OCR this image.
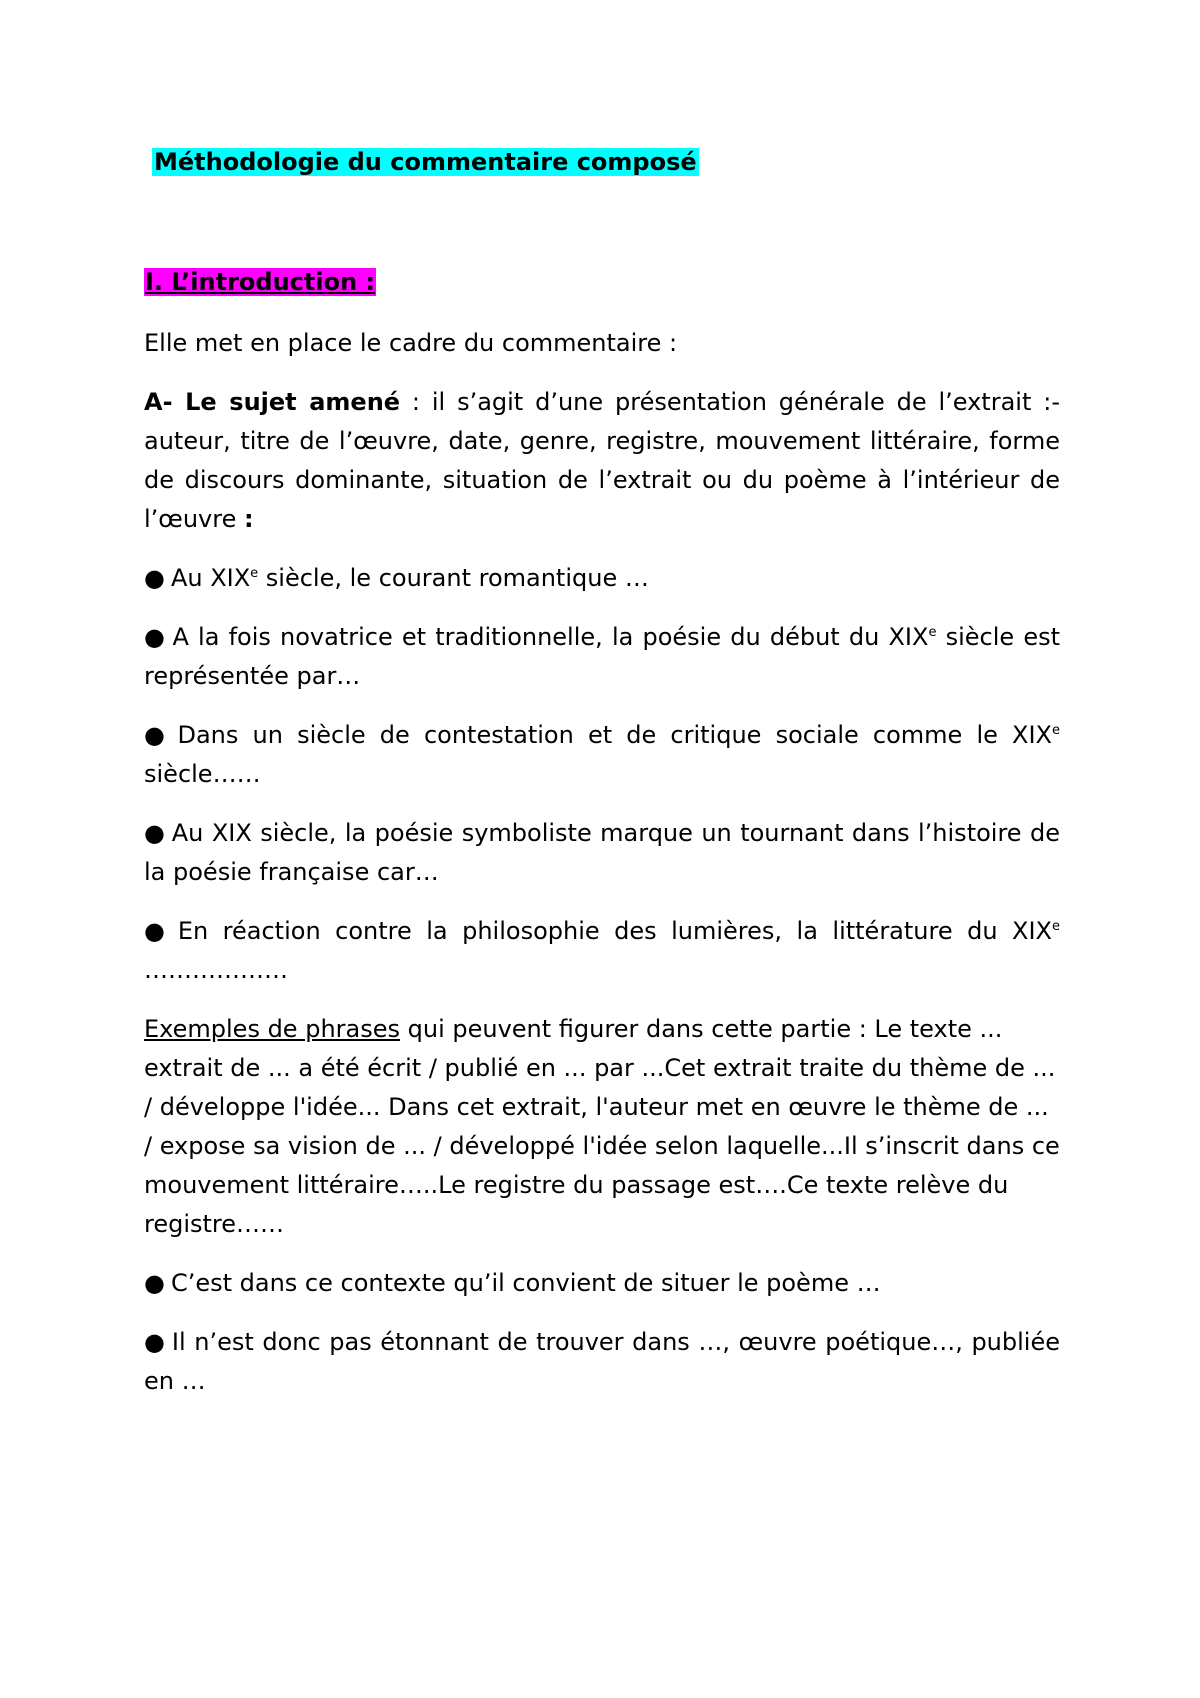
Méthodologie du commentaire composé
I. L’introduction :

Elle met en place le cadre du commentaire :

A- Le sujet amené : il s’agit d’une présentation générale de l’extrait :- auteur, titre de l’œuvre, date, genre, registre, mouvement littéraire, forme de discours dominante, situation de l’extrait ou du poème à l’intérieur de l’œuvre :

● Au XIXe siècle, le courant romantique …

● A la fois novatrice et traditionnelle, la poésie du début du XIXe siècle est représentée par…

● Dans un siècle de contestation et de critique sociale comme le XIXe siècle……

● Au XIX siècle, la poésie symboliste marque un tournant dans l’histoire de la poésie française car…

● En réaction contre la philosophie des lumières, la littérature du XIXe ………………

Exemples de phrases qui peuvent figurer dans cette partie : Le texte ... extrait de ... a été écrit / publié en ... par ...Cet extrait traite du thème de ... / développe l'idée... Dans cet extrait, l'auteur met en œuvre le thème de ... / expose sa vision de ... / développé l'idée selon laquelle...Il s’inscrit dans ce mouvement littéraire…..Le registre du passage est….Ce texte relève du registre……

● C’est dans ce contexte qu’il convient de situer le poème …

● Il n’est donc pas étonnant de trouver dans …, œuvre poétique…, publiée en …
